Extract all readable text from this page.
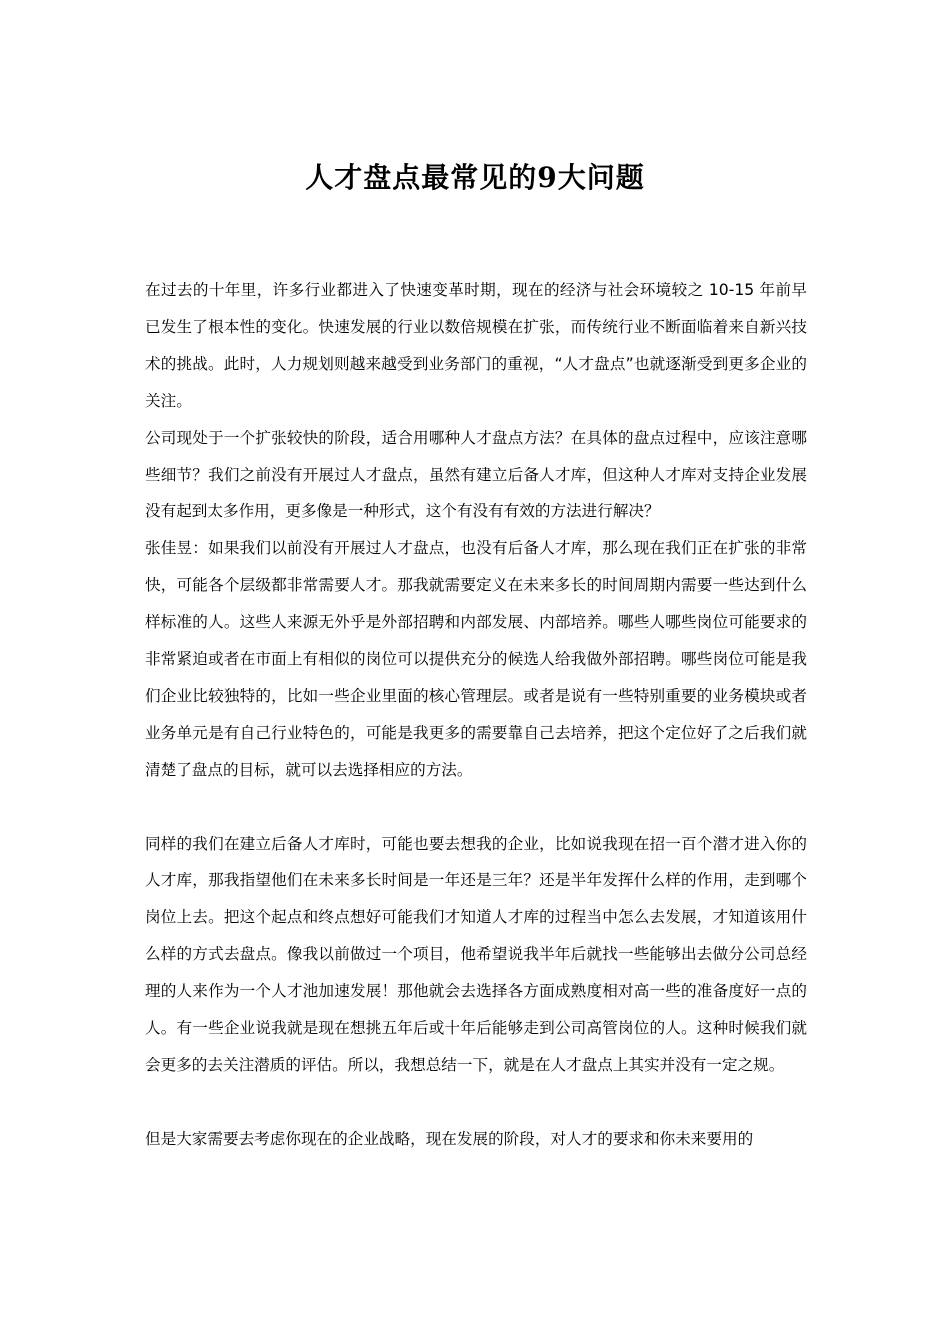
人才盘点最常见的9大问题

在过去的十年里，许多行业都进入了快速变革时期，现在的经济与社会环境较之 10-15 年前早已发生了根本性的变化。快速发展的行业以数倍规模在扩张，而传统行业不断面临着来自新兴技术的挑战。此时，人力规划则越来越受到业务部门的重视，“人才盘点”也就逐渐受到更多企业的关注。

公司现处于一个扩张较快的阶段，适合用哪种人才盘点方法？在具体的盘点过程中，应该注意哪些细节？我们之前没有开展过人才盘点，虽然有建立后备人才库，但这种人才库对支持企业发展没有起到太多作用，更多像是一种形式，这个有没有有效的方法进行解决？

张佳昱：如果我们以前没有开展过人才盘点，也没有后备人才库，那么现在我们正在扩张的非常快，可能各个层级都非常需要人才。那我就需要定义在未来多长的时间周期内需要一些达到什么样标准的人。这些人来源无外乎是外部招聘和内部发展、内部培养。哪些人哪些岗位可能要求的非常紧迫或者在市面上有相似的岗位可以提供充分的候选人给我做外部招聘。哪些岗位可能是我们企业比较独特的，比如一些企业里面的核心管理层。或者是说有一些特别重要的业务模块或者业务单元是有自己行业特色的，可能是我更多的需要靠自己去培养，把这个定位好了之后我们就清楚了盘点的目标，就可以去选择相应的方法。

同样的我们在建立后备人才库时，可能也要去想我的企业，比如说我现在招一百个潜才进入你的人才库，那我指望他们在未来多长时间是一年还是三年？还是半年发挥什么样的作用，走到哪个岗位上去。把这个起点和终点想好可能我们才知道人才库的过程当中怎么去发展，才知道该用什么样的方式去盘点。像我以前做过一个项目，他希望说我半年后就找一些能够出去做分公司总经理的人来作为一个人才池加速发展！那他就会去选择各方面成熟度相对高一些的准备度好一点的人。有一些企业说我就是现在想挑五年后或十年后能够走到公司高管岗位的人。这种时候我们就会更多的去关注潜质的评估。所以，我想总结一下，就是在人才盘点上其实并没有一定之规。

但是大家需要去考虑你现在的企业战略，现在发展的阶段，对人才的要求和你未来要用的
